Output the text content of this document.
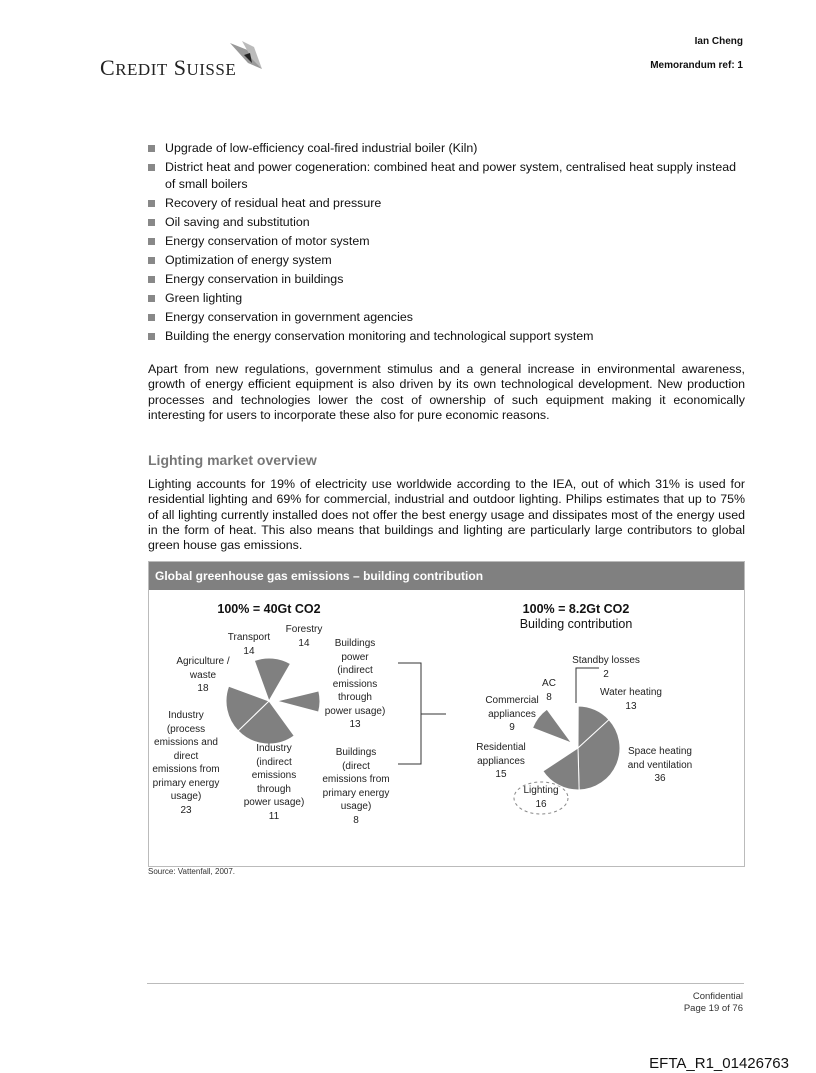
CREDIT SUISSE
Ian Cheng
Memorandum ref: 1
Upgrade of low-efficiency coal-fired industrial boiler (Kiln)
District heat and power cogeneration: combined heat and power system, centralised heat supply instead of small boilers
Recovery of residual heat and pressure
Oil saving and substitution
Energy conservation of motor system
Optimization of energy system
Energy conservation in buildings
Green lighting
Energy conservation in government agencies
Building the energy conservation monitoring and technological support system
Apart from new regulations, government stimulus and a general increase in environmental awareness, growth of energy efficient equipment is also driven by its own technological development. New production processes and technologies lower the cost of ownership of such equipment making it economically interesting for users to incorporate these also for pure economic reasons.
Lighting market overview
Lighting accounts for 19% of electricity use worldwide according to the IEA, out of which 31% is used for residential lighting and 69% for commercial, industrial and outdoor lighting. Philips estimates that up to 75% of all lighting currently installed does not offer the best energy usage and dissipates most of the energy used in the form of heat. This also means that buildings and lighting are particularly large contributors to global green house gas emissions.
Global greenhouse gas emissions – building contribution
100% = 40Gt CO2	100% = 8.2Gt CO2
Building contribution
Transport
14
Forestry
14
Agriculture /
waste
18
Buildings
power
(indirect
emissions
through
power usage)
13
Industry
(process
emissions and
direct
emissions from
primary energy
usage)
23
Industry
(indirect
emissions
through
power usage)
11
Buildings
(direct
emissions from
primary energy
usage)
8
Standby losses
2
AC
8	Water heating
13
Commercial
appliances
9
Residential
appliances
15
Space heating
and ventilation
36
Lighting
16
Source: Vattenfall, 2007.
Confidential
Page 19 of 76
EFTA_R1_01426763
